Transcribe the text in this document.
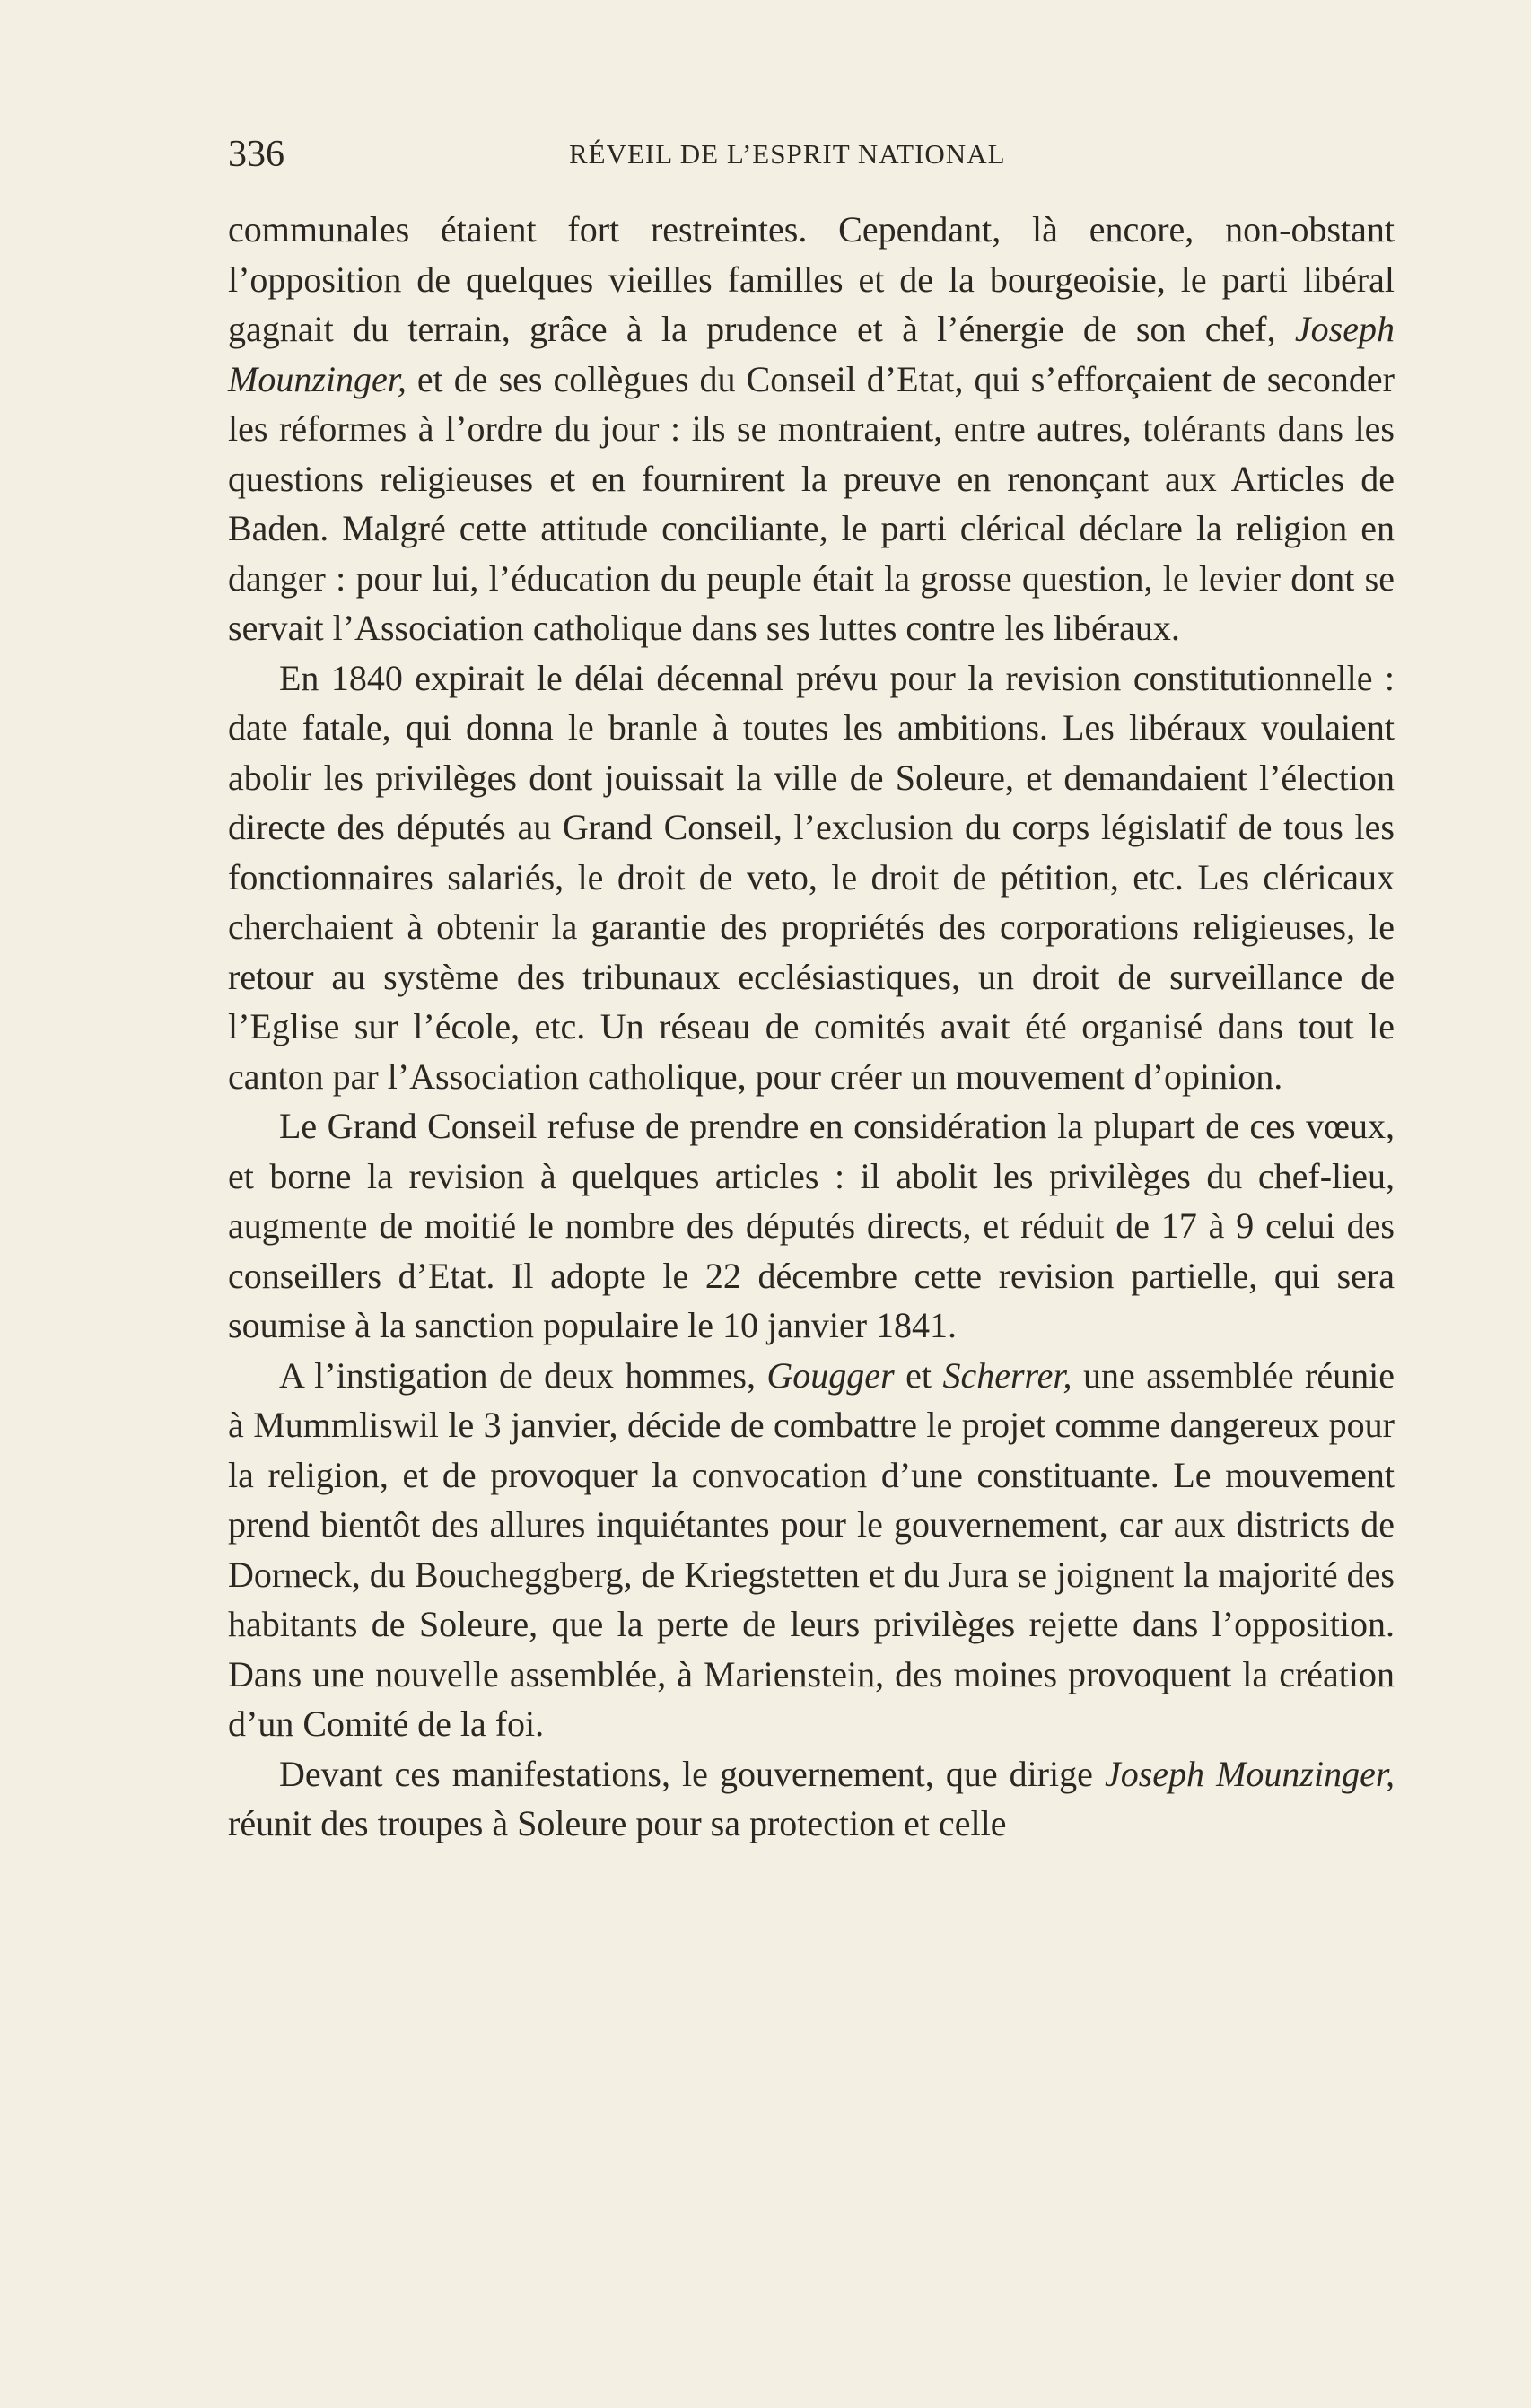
336	RÉVEIL DE L’ESPRIT NATIONAL

communales étaient fort restreintes. Cependant, là encore, non-obstant l’opposition de quelques vieilles familles et de la bourgeoisie, le parti libéral gagnait du terrain, grâce à la prudence et à l’énergie de son chef, Joseph Mounzinger, et de ses collègues du Conseil d’Etat, qui s’efforçaient de seconder les réformes à l’ordre du jour : ils se montraient, entre autres, tolérants dans les questions religieuses et en fournirent la preuve en renonçant aux Articles de Baden. Malgré cette attitude conciliante, le parti clérical déclare la religion en danger : pour lui, l’éducation du peuple était la grosse question, le levier dont se servait l’Association catholique dans ses luttes contre les libéraux.

En 1840 expirait le délai décennal prévu pour la revision constitutionnelle : date fatale, qui donna le branle à toutes les ambitions. Les libéraux voulaient abolir les privilèges dont jouissait la ville de Soleure, et demandaient l’élection directe des députés au Grand Conseil, l’exclusion du corps législatif de tous les fonctionnaires salariés, le droit de veto, le droit de pétition, etc. Les cléricaux cherchaient à obtenir la garantie des propriétés des corporations religieuses, le retour au système des tribunaux ecclésiastiques, un droit de surveillance de l’Eglise sur l’école, etc. Un réseau de comités avait été organisé dans tout le canton par l’Association catholique, pour créer un mouvement d’opinion.

Le Grand Conseil refuse de prendre en considération la plupart de ces vœux, et borne la revision à quelques articles : il abolit les privilèges du chef-lieu, augmente de moitié le nombre des députés directs, et réduit de 17 à 9 celui des conseillers d’Etat. Il adopte le 22 décembre cette revision partielle, qui sera soumise à la sanction populaire le 10 janvier 1841.

A l’instigation de deux hommes, Gougger et Scherrer, une assemblée réunie à Mummliswil le 3 janvier, décide de combattre le projet comme dangereux pour la religion, et de provoquer la convocation d’une constituante. Le mouvement prend bientôt des allures inquiétantes pour le gouvernement, car aux districts de Dorneck, du Boucheggberg, de Kriegstetten et du Jura se joignent la majorité des habitants de Soleure, que la perte de leurs privilèges rejette dans l’opposition. Dans une nouvelle assemblée, à Marienstein, des moines provoquent la création d’un Comité de la foi.

Devant ces manifestations, le gouvernement, que dirige Joseph Mounzinger, réunit des troupes à Soleure pour sa protection et celle
